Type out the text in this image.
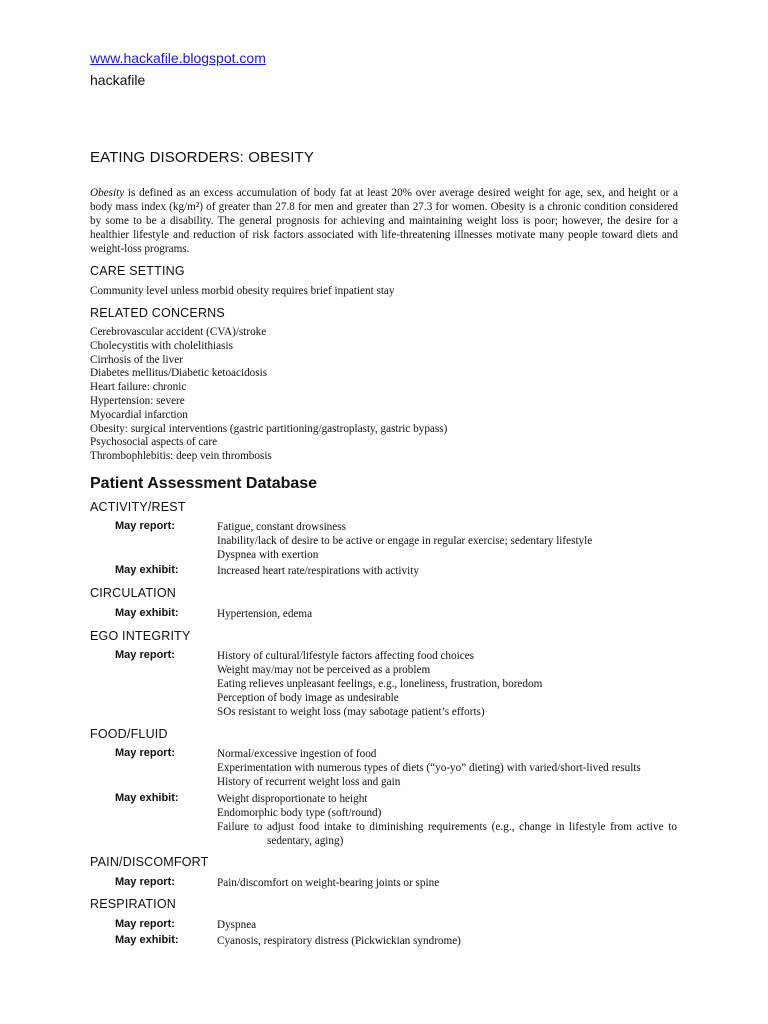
www.hackafile.blogspot.com
hackafile
EATING DISORDERS: OBESITY
Obesity is defined as an excess accumulation of body fat at least 20% over average desired weight for age, sex, and height or a body mass index (kg/m²) of greater than 27.8 for men and greater than 27.3 for women. Obesity is a chronic condition considered by some to be a disability. The general prognosis for achieving and maintaining weight loss is poor; however, the desire for a healthier lifestyle and reduction of risk factors associated with life-threatening illnesses motivate many people toward diets and weight-loss programs.
CARE SETTING
Community level unless morbid obesity requires brief inpatient stay
RELATED CONCERNS
Cerebrovascular accident (CVA)/stroke
Cholecystitis with cholelithiasis
Cirrhosis of the liver
Diabetes mellitus/Diabetic ketoacidosis
Heart failure: chronic
Hypertension: severe
Myocardial infarction
Obesity: surgical interventions (gastric partitioning/gastroplasty, gastric bypass)
Psychosocial aspects of care
Thrombophlebitis: deep vein thrombosis
Patient Assessment Database
ACTIVITY/REST
May report:	Fatigue, constant drowsiness
Inability/lack of desire to be active or engage in regular exercise; sedentary lifestyle
Dyspnea with exertion
May exhibit:	Increased heart rate/respirations with activity
CIRCULATION
May exhibit:	Hypertension, edema
EGO INTEGRITY
May report:	History of cultural/lifestyle factors affecting food choices
Weight may/may not be perceived as a problem
Eating relieves unpleasant feelings, e.g., loneliness, frustration, boredom
Perception of body image as undesirable
SOs resistant to weight loss (may sabotage patient’s efforts)
FOOD/FLUID
May report:	Normal/excessive ingestion of food
Experimentation with numerous types of diets (“yo-yo” dieting) with varied/short-lived results
History of recurrent weight loss and gain
May exhibit:	Weight disproportionate to height
Endomorphic body type (soft/round)
Failure to adjust food intake to diminishing requirements (e.g., change in lifestyle from active to
sedentary, aging)
PAIN/DISCOMFORT
May report:	Pain/discomfort on weight-bearing joints or spine
RESPIRATION
May report:	Dyspnea
May exhibit:	Cyanosis, respiratory distress (Pickwickian syndrome)
